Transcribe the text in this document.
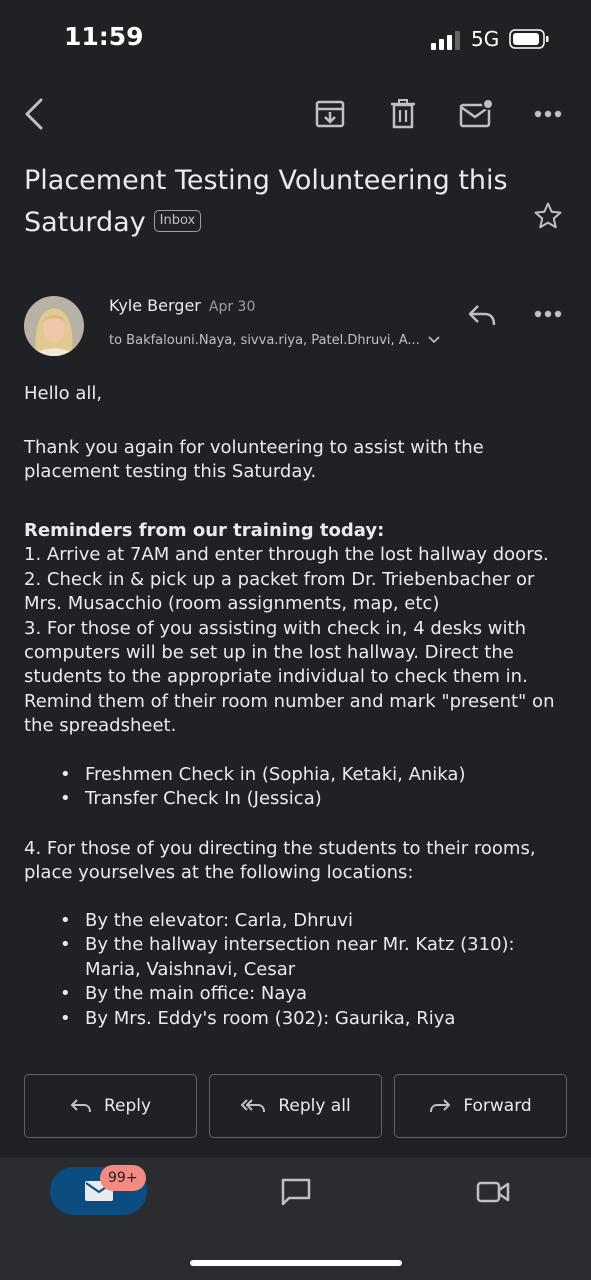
11:59	5G
Placement Testing Volunteering this Saturday Inbox
Kyle Berger Apr 30
to Bakfalouni.Naya, sivva.riya, Patel.Dhruvi, A...
Hello all,
Thank you again for volunteering to assist with the placement testing this Saturday.

Reminders from our training today:

1. Arrive at 7AM and enter through the lost hallway doors.

2. Check in & pick up a packet from Dr. Triebenbacher or Mrs. Musacchio (room assignments, map, etc)

3. For those of you assisting with check in, 4 desks with computers will be set up in the lost hallway. Direct the students to the appropriate individual to check them in. Remind them of their room number and mark "present" on the spreadsheet.

• Freshmen Check in (Sophia, Ketaki, Anika)
• Transfer Check In (Jessica)
4. For those of you directing the students to their rooms, place yourselves at the following locations:
• By the elevator: Carla, Dhruvi
• By the hallway intersection near Mr. Katz (310): Maria, Vaishnavi, Cesar
• By the main office: Naya
• By Mrs. Eddy's room (302): Gaurika, Riya
Reply	Reply all	Forward
99+
